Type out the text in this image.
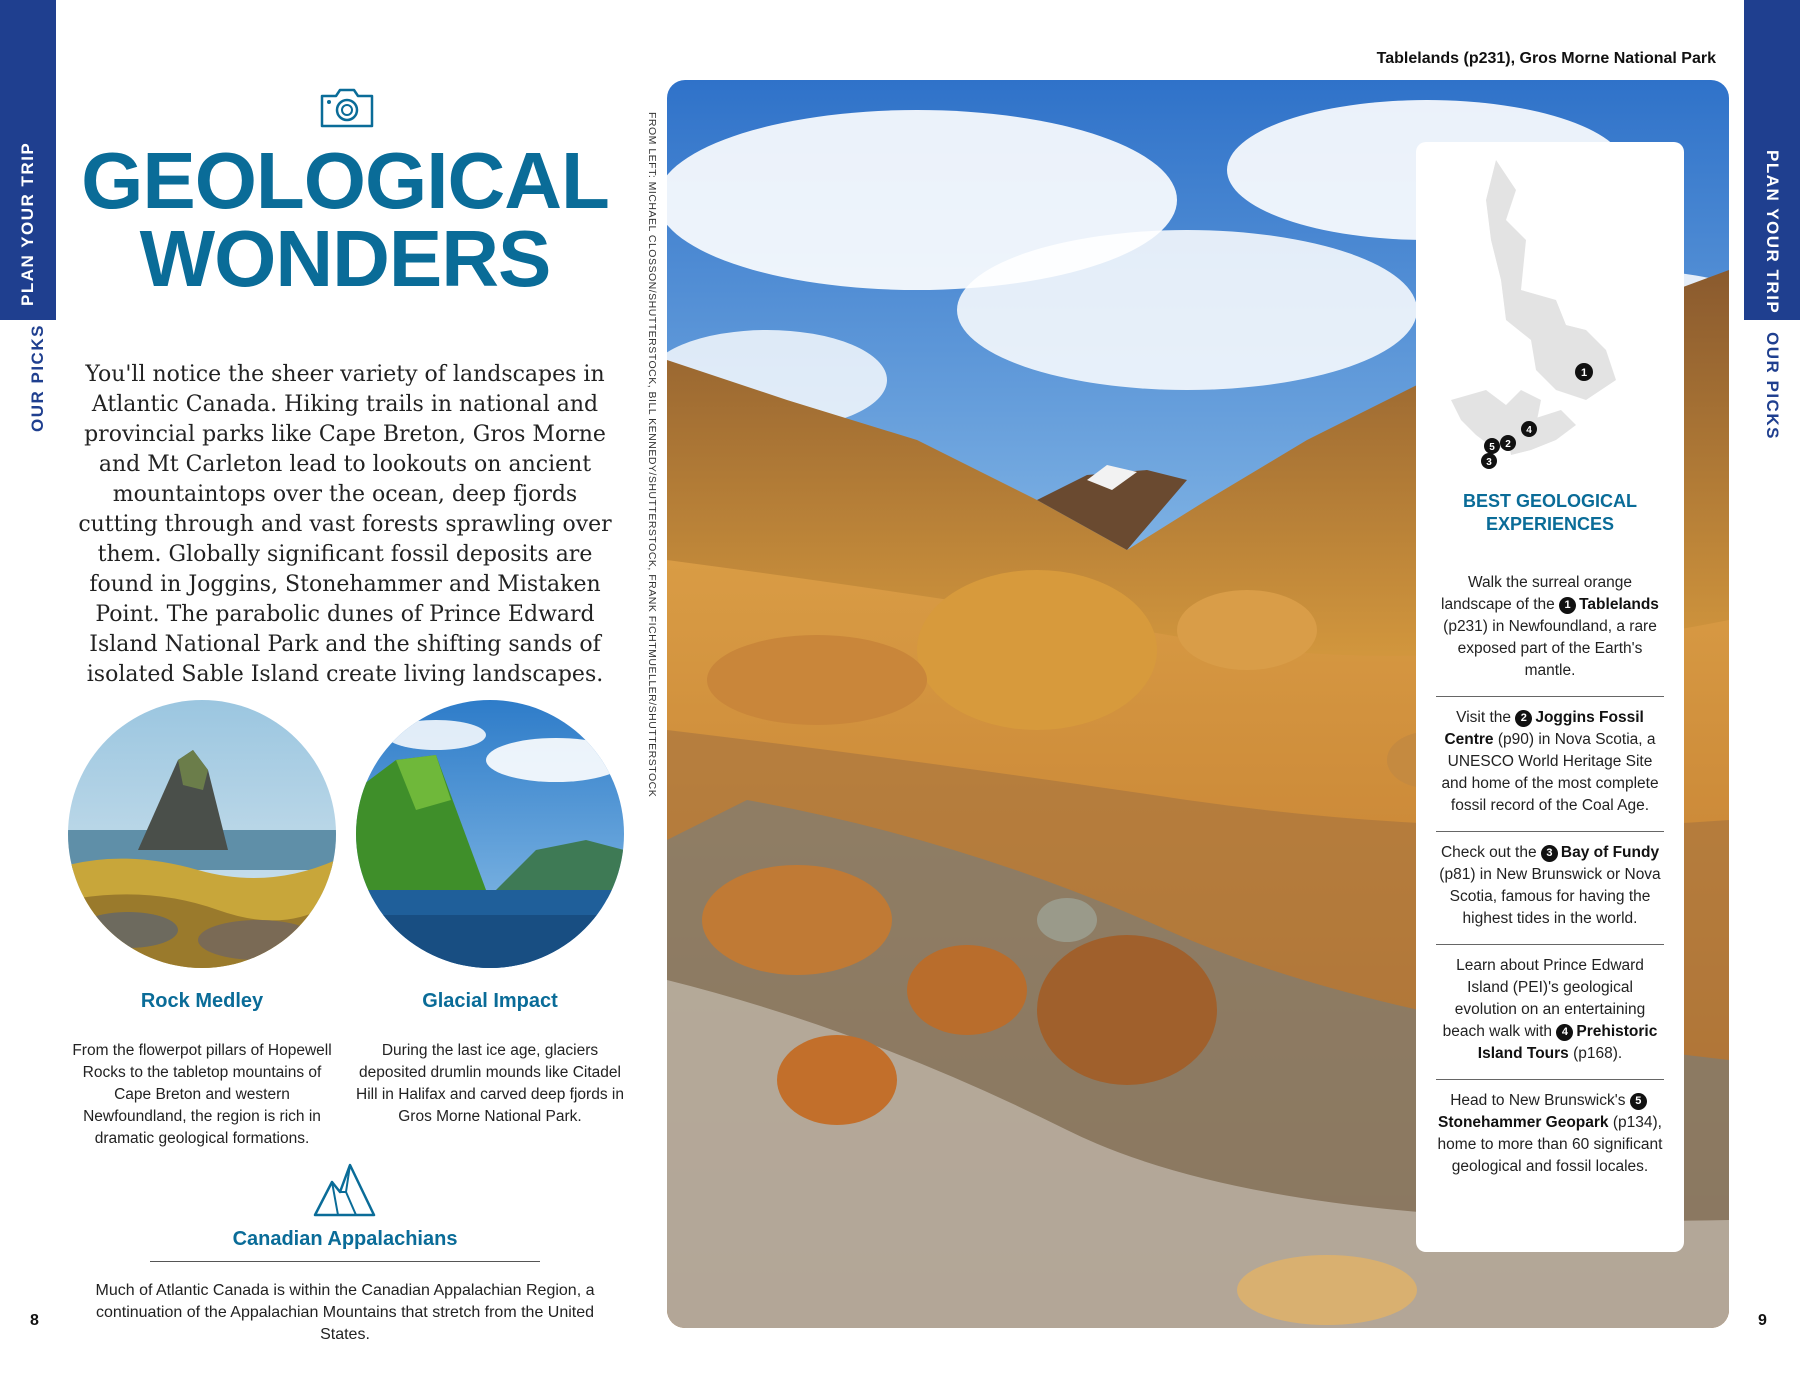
PLAN YOUR TRIP
OUR PICKS
PLAN YOUR TRIP
OUR PICKS
8	9
GEOLOGICAL
WONDERS

You'll notice the sheer variety of landscapes in Atlantic Canada. Hiking trails in national and provincial parks like Cape Breton, Gros Morne and Mt Carleton lead to lookouts on ancient mountaintops over the ocean, deep fjords cutting through and vast forests sprawling over them. Globally significant fossil deposits are found in Joggins, Stonehammer and Mistaken Point. The parabolic dunes of Prince Edward Island National Park and the shifting sands of isolated Sable Island create living landscapes.

Rock Medley

From the flowerpot pillars of Hopewell Rocks to the tabletop mountains of Cape Breton and western Newfoundland, the region is rich in dramatic geological formations.

Glacial Impact

During the last ice age, glaciers deposited drumlin mounds like Citadel Hill in Halifax and carved deep fjords in Gros Morne National Park.

Canadian Appalachians

Much of Atlantic Canada is within the Canadian Appalachian Region, a continuation of the Appalachian Mountains that stretch from the United States.

FROM LEFT: MICHAEL CLOSSON/SHUTTERSTOCK, BILL KENNEDY/SHUTTERSTOCK, FRANK FICHTMUELLER/SHUTTERSTOCK
Tablelands (p231), Gros Morne National Park
1
2
3
4
5
BEST GEOLOGICAL EXPERIENCES
Walk the surreal orange landscape of the 1 Tablelands (p231) in Newfoundland, a rare exposed part of the Earth's mantle.
Visit the 2 Joggins Fossil Centre (p90) in Nova Scotia, a UNESCO World Heritage Site and home of the most complete fossil record of the Coal Age.
Check out the 3 Bay of Fundy (p81) in New Brunswick or Nova Scotia, famous for having the highest tides in the world.
Learn about Prince Edward Island (PEI)'s geological evolution on an entertaining beach walk with 4 Prehistoric Island Tours (p168).
Head to New Brunswick's 5Stonehammer Geopark (p134), home to more than 60 significant geological and fossil locales.
